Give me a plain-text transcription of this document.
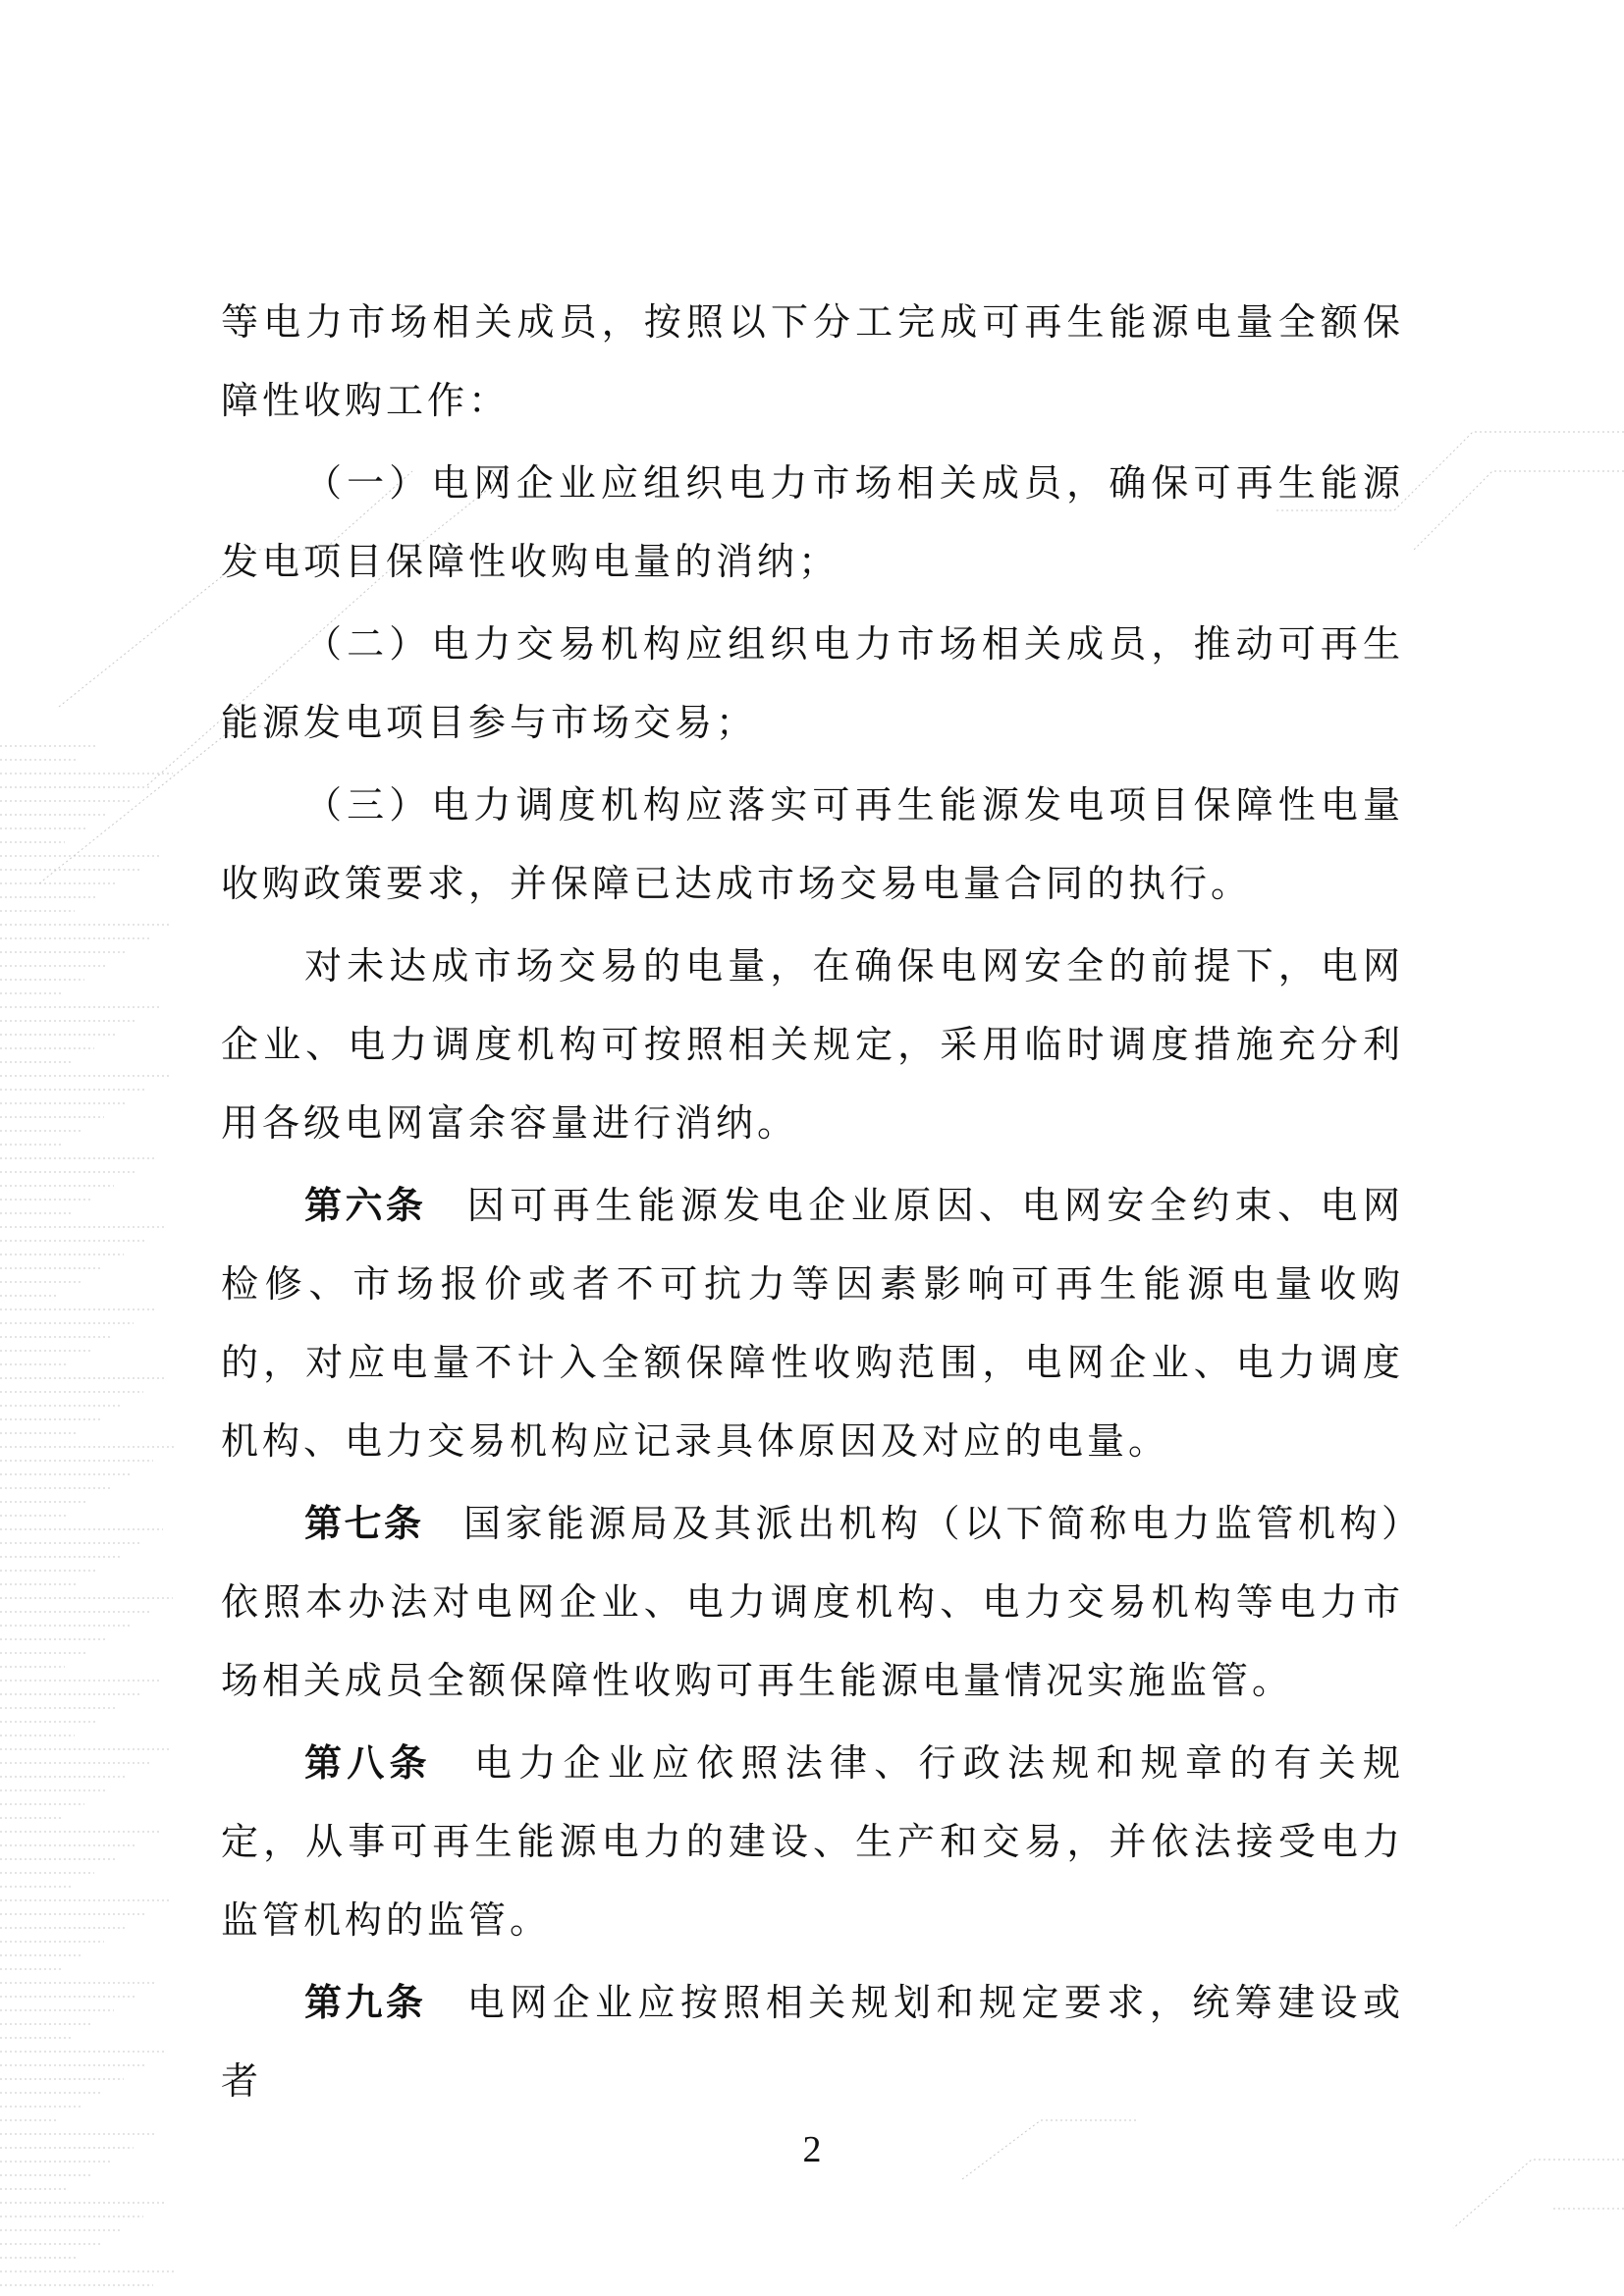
等电力市场相关成员，按照以下分工完成可再生能源电量全额保障性收购工作：

（一）电网企业应组织电力市场相关成员，确保可再生能源发电项目保障性收购电量的消纳；

（二）电力交易机构应组织电力市场相关成员，推动可再生能源发电项目参与市场交易；

（三）电力调度机构应落实可再生能源发电项目保障性电量收购政策要求，并保障已达成市场交易电量合同的执行。

对未达成市场交易的电量，在确保电网安全的前提下，电网企业、电力调度机构可按照相关规定，采用临时调度措施充分利用各级电网富余容量进行消纳。

第六条 因可再生能源发电企业原因、电网安全约束、电网检修、市场报价或者不可抗力等因素影响可再生能源电量收购的，对应电量不计入全额保障性收购范围，电网企业、电力调度机构、电力交易机构应记录具体原因及对应的电量。

第七条 国家能源局及其派出机构（以下简称电力监管机构）依照本办法对电网企业、电力调度机构、电力交易机构等电力市场相关成员全额保障性收购可再生能源电量情况实施监管。

第八条 电力企业应依照法律、行政法规和规章的有关规定，从事可再生能源电力的建设、生产和交易，并依法接受电力监管机构的监管。

第九条 电网企业应按照相关规划和规定要求，统筹建设或者

2
